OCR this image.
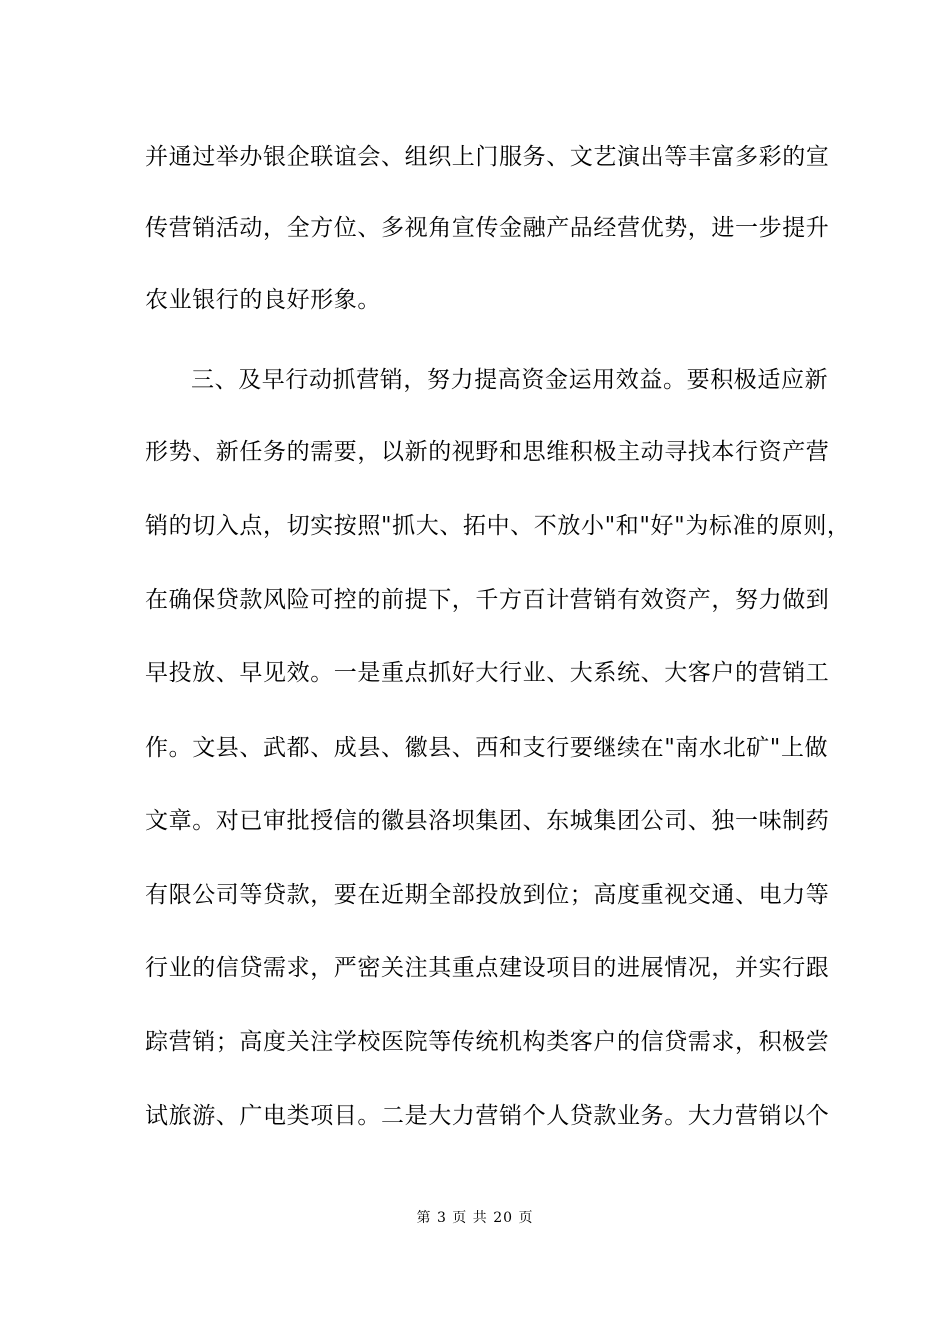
并通过举办银企联谊会、组织上门服务、文艺演出等丰富多彩的宣
传营销活动，全方位、多视角宣传金融产品经营优势，进一步提升
农业银行的良好形象。
三、及早行动抓营销，努力提高资金运用效益。要积极适应新
形势、新任务的需要，以新的视野和思维积极主动寻找本行资产营
销的切入点，切实按照"抓大、拓中、不放小"和"好"为标准的原则，
在确保贷款风险可控的前提下，千方百计营销有效资产，努力做到
早投放、早见效。一是重点抓好大行业、大系统、大客户的营销工
作。文县、武都、成县、徽县、西和支行要继续在"南水北矿"上做
文章。对已审批授信的徽县洛坝集团、东城集团公司、独一味制药
有限公司等贷款，要在近期全部投放到位；高度重视交通、电力等
行业的信贷需求，严密关注其重点建设项目的进展情况，并实行跟
踪营销；高度关注学校医院等传统机构类客户的信贷需求，积极尝
试旅游、广电类项目。二是大力营销个人贷款业务。大力营销以个
第 3 页 共 20 页
